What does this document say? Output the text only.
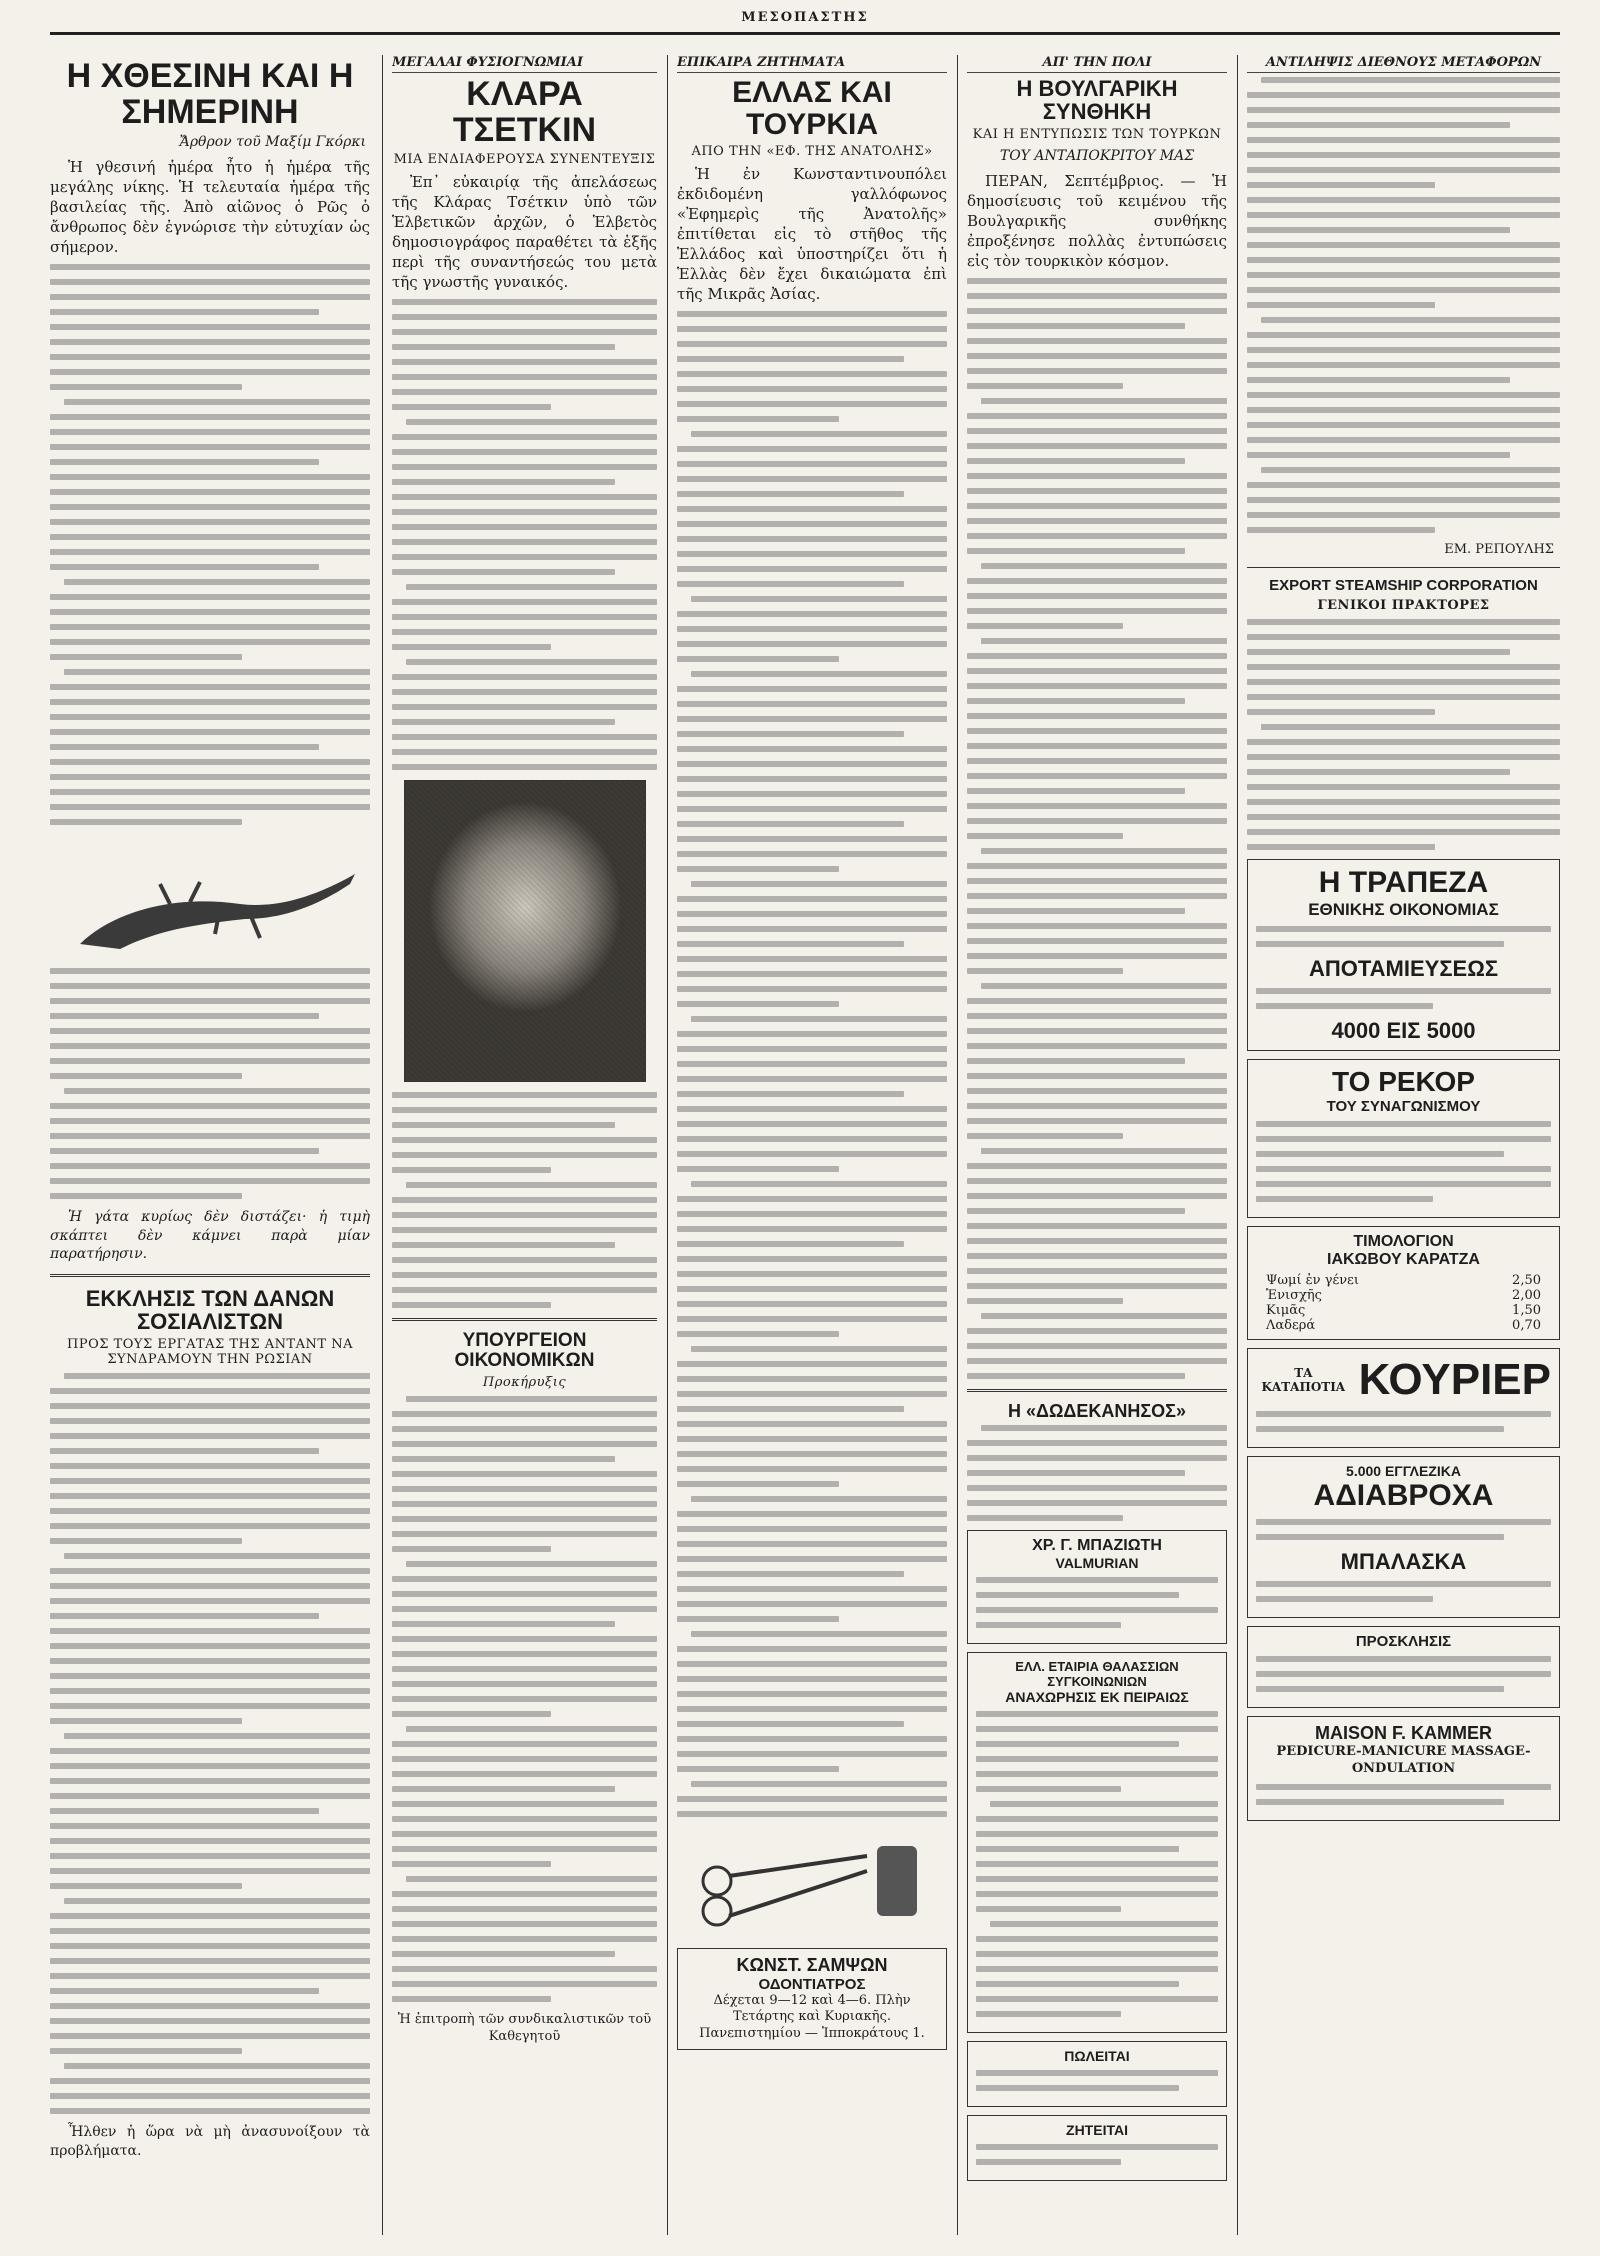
ΜΕΣΟΠΑΣΤΗΣ
Η ΧΘΕΣΙΝΗ ΚΑΙ Η ΣΗΜΕΡΙΝΗ
Ἄρθρον τοῦ Μαξίμ Γκόρκι

Ἡ γθεσινή ἡμέρα ἦτο ἡ ἡμέρα τῆς μεγάλης νίκης. Ἡ τελευταία ἡμέρα τῆς βασιλείας τῆς. Ἀπὸ αἰῶνος ὁ Ρῶς ὁ ἄνθρωπος δὲν ἐγνώρισε τὴν εὐτυχίαν ὡς σήμερον.

Ἡ γάτα κυρίως δὲν διστάζει· ἡ τιμὴ σκάπτει δὲν κάμνει παρὰ μίαν παρατήρησιν.

ΕΚΚΛΗΣΙΣ ΤΩΝ ΔΑΝΩΝ ΣΟΣΙΑΛΙΣΤΩΝ
ΠΡΟΣ ΤΟΥΣ ΕΡΓΑΤΑΣ ΤΗΣ ΑΝΤΑΝΤ ΝΑ ΣΥΝΔΡΑΜΟΥΝ ΤΗΝ ΡΩΣΙΑΝ

Ἦλθεν ἡ ὥρα νὰ μὴ ἀνασυνοίξουν τὰ προβλήματα.

ΜΕΓΑΛΑΙ ΦΥΣΙΟΓΝΩΜΙΑΙ
ΚΛΑΡΑ ΤΣΕΤΚΙΝ
ΜΙΑ ΕΝΔΙΑΦΕΡΟΥΣΑ ΣΥΝΕΝΤΕΥΞΙΣ

Ἐπ᾽ εὐκαιρίᾳ τῆς ἀπελάσεως τῆς Κλάρας Τσέτκιν ὑπὸ τῶν Ἑλβετικῶν ἀρχῶν, ὁ Ἑλβετὸς δημοσιογράφος παραθέτει τὰ ἑξῆς περὶ τῆς συναντήσεώς του μετὰ τῆς γνωστῆς γυναικός.

ΥΠΟΥΡΓΕΙΟΝ ΟΙΚΟΝΟΜΙΚΩΝ
Προκήρυξις

Ἡ ἐπιτροπὴ τῶν συνδικαλιστικῶν τοῦ Καθεγητοῦ

ΕΠΙΚΑΙΡΑ ΖΗΤΗΜΑΤΑ
ΕΛΛΑΣ ΚΑΙ ΤΟΥΡΚΙΑ
ΑΠΟ ΤΗΝ «ΕΦ. ΤΗΣ ΑΝΑΤΟΛΗΣ»

Ἡ ἐν Κωνσταντινουπόλει ἐκδιδομένη γαλλόφωνος «Ἐφημερὶς τῆς Ἀνατολῆς» ἐπιτίθεται εἰς τὸ στῆθος τῆς Ἑλλάδος καὶ ὑποστηρίζει ὅτι ἡ Ἑλλὰς δὲν ἔχει δικαιώματα ἐπὶ τῆς Μικρᾶς Ἀσίας.

ΚΩΝΣΤ. ΣΑΜΨΩΝ
ΟΔΟΝΤΙΑΤΡΟΣ
Δέχεται 9—12 καὶ 4—6. Πλὴν Τετάρτης καὶ Κυριακῆς. Πανεπιστημίου — Ἱπποκράτους 1.
ΑΠ' ΤΗΝ ΠΟΛΙ
Η ΒΟΥΛΓΑΡΙΚΗ ΣΥΝΘΗΚΗ
ΚΑΙ Η ΕΝΤΥΠΩΣΙΣ ΤΩΝ ΤΟΥΡΚΩΝ
ΤΟΥ ΑΝΤΑΠΟΚΡΙΤΟΥ ΜΑΣ

ΠΕΡΑΝ, Σεπτέμβριος. — Ἡ δημοσίευσις τοῦ κειμένου τῆς Βουλγαρικῆς συνθήκης ἐπροξένησε πολλὰς ἐντυπώσεις εἰς τὸν τουρκικὸν κόσμον.

Η «ΔΩΔΕΚΑΝΗΣΟΣ»
ΧΡ. Γ. ΜΠΑΖΙΩΤΗ
VALMURIAN
ΕΛΛ. ΕΤΑΙΡΙΑ ΘΑΛΑΣΣΙΩΝ ΣΥΓΚΟΙΝΩΝΙΩΝ
ΑΝΑΧΩΡΗΣΙΣ ΕΚ ΠΕΙΡΑΙΩΣ
ΠΩΛΕΙΤΑΙ
ΖΗΤΕΙΤΑΙ
ΑΝΤΙΛΗΨΙΣ ΔΙΕΘΝΟΥΣ ΜΕΤΑΦΟΡΩΝ
ΕΜ. ΡΕΠΟΥΛΗΣ
EXPORT STEAMSHIP CORPORATION
ΓΕΝΙΚΟΙ ΠΡΑΚΤΟΡΕΣ
Η ΤΡΑΠΕΖΑ
ΕΘΝΙΚΗΣ ΟΙΚΟΝΟΜΙΑΣ
ΑΠΟΤΑΜΙΕΥΣΕΩΣ
4000 ΕΙΣ 5000
ΤΟ ΡΕΚΟΡ
ΤΟΥ ΣΥΝΑΓΩΝΙΣΜΟΥ
ΤΙΜΟΛΟΓΙΟΝ
ΙΑΚΩΒΟΥ ΚΑΡΑΤΖΑ
Ψωμί ἐν γένει	2,50
Ἐνισχῆς	2,00
Κιμᾶς	1,50
Λαδερά	0,70
ΤΑ ΚΑΤΑΠΟΤΙΑ ΚΟΥΡΙΕΡ
5.000 ΕΓΓΛΕΖΙΚΑ
ΑΔΙΑΒΡΟΧΑ
ΜΠΑΛΑΣΚΑ
ΠΡΟΣΚΛΗΣΙΣ
MAISON F. KAMMER
PEDICURE-MANICURE MASSAGE-ONDULATION
